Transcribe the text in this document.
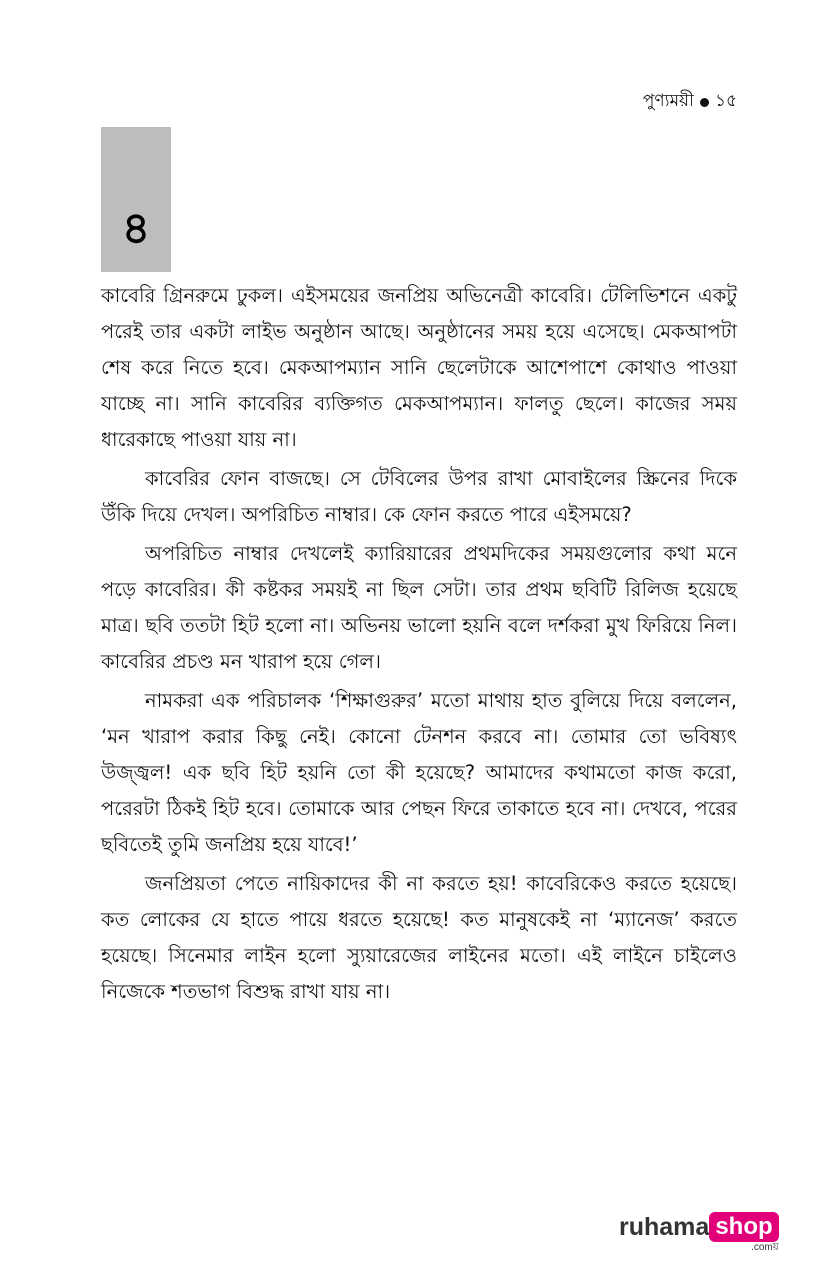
পুণ্যময়ী ১৫
৪

কাবেরি গ্রিনরুমে ঢুকল। এইসময়ের জনপ্রিয় অভিনেত্রী কাবেরি। টেলিভিশনে একটু পরেই তার একটা লাইভ অনুষ্ঠান আছে। অনুষ্ঠানের সময় হয়ে এসেছে। মেকআপটা শেষ করে নিতে হবে। মেকআপম্যান সানি ছেলেটাকে আশেপাশে কোথাও পাওয়া যাচ্ছে না। সানি কাবেরির ব্যক্তিগত মেকআপম্যান। ফালতু ছেলে। কাজের সময় ধারেকাছে পাওয়া যায় না।

কাবেরির ফোন বাজছে। সে টেবিলের উপর রাখা মোবাইলের স্ক্রিনের দিকে উঁকি দিয়ে দেখল। অপরিচিত নাম্বার। কে ফোন করতে পারে এইসময়ে?

অপরিচিত নাম্বার দেখলেই ক্যারিয়ারের প্রথমদিকের সময়গুলোর কথা মনে পড়ে কাবেরির। কী কষ্টকর সময়ই না ছিল সেটা। তার প্রথম ছবিটি রিলিজ হয়েছে মাত্র। ছবি ততটা হিট হলো না। অভিনয় ভালো হয়নি বলে দর্শকরা মুখ ফিরিয়ে নিল। কাবেরির প্রচণ্ড মন খারাপ হয়ে গেল।

নামকরা এক পরিচালক ‘শিক্ষাগুরুর’ মতো মাথায় হাত বুলিয়ে দিয়ে বললেন, ‘মন খারাপ করার কিছু নেই। কোনো টেনশন করবে না। তোমার তো ভবিষ্যৎ উজ্জ্বল! এক ছবি হিট হয়নি তো কী হয়েছে? আমাদের কথামতো কাজ করো, পরেরটা ঠিকই হিট হবে। তোমাকে আর পেছন ফিরে তাকাতে হবে না। দেখবে, পরের ছবিতেই তুমি জনপ্রিয় হয়ে যাবে!’

জনপ্রিয়তা পেতে নায়িকাদের কী না করতে হয়! কাবেরিকেও করতে হয়েছে। কত লোকের যে হাতে পায়ে ধরতে হয়েছে! কত মানুষকেই না ‘ম্যানেজ’ করতে হয়েছে। সিনেমার লাইন হলো স্যুয়ারেজের লাইনের মতো। এই লাইনে চাইলেও নিজেকে শতভাগ বিশুদ্ধ রাখা যায় না।

ruhama shop
.comয়
